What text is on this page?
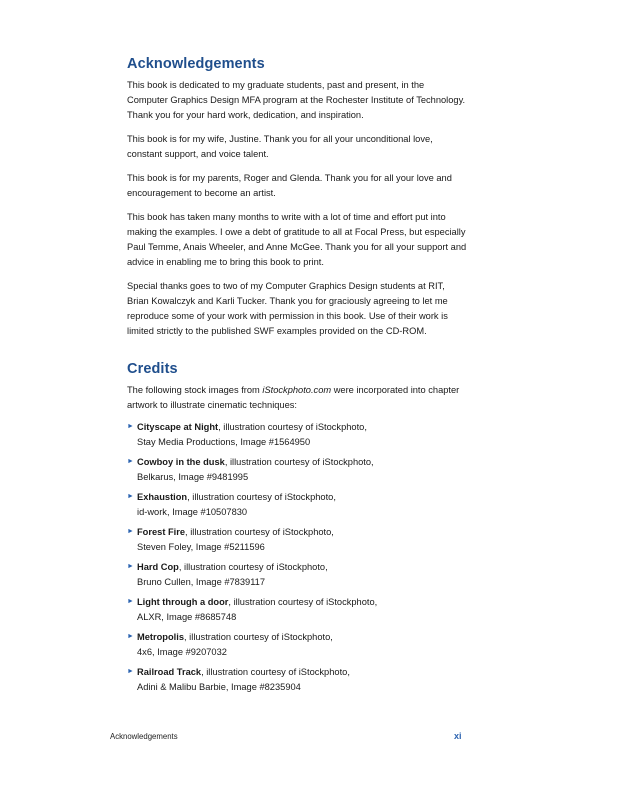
Acknowledgements

This book is dedicated to my graduate students, past and present, in the Computer Graphics Design MFA program at the Rochester Institute of Technology. Thank you for your hard work, dedication, and inspiration.

This book is for my wife, Justine. Thank you for all your unconditional love, constant support, and voice talent.

This book is for my parents, Roger and Glenda. Thank you for all your love and encouragement to become an artist.

This book has taken many months to write with a lot of time and effort put into making the examples. I owe a debt of gratitude to all at Focal Press, but especially Paul Temme, Anais Wheeler, and Anne McGee. Thank you for all your support and advice in enabling me to bring this book to print.

Special thanks goes to two of my Computer Graphics Design students at RIT, Brian Kowalczyk and Karli Tucker. Thank you for graciously agreeing to let me reproduce some of your work with permission in this book. Use of their work is limited strictly to the published SWF examples provided on the CD-ROM.

Credits

The following stock images from iStockphoto.com were incorporated into chapter artwork to illustrate cinematic techniques:

► Cityscape at Night, illustration courtesy of iStockphoto,
Stay Media Productions, Image #1564950
► Cowboy in the dusk, illustration courtesy of iStockphoto,
Belkarus, Image #9481995
► Exhaustion, illustration courtesy of iStockphoto,
id-work, Image #10507830
► Forest Fire, illustration courtesy of iStockphoto,
Steven Foley, Image #5211596
► Hard Cop, illustration courtesy of iStockphoto,
Bruno Cullen, Image #7839117
► Light through a door, illustration courtesy of iStockphoto,
ALXR, Image #8685748
► Metropolis, illustration courtesy of iStockphoto,
4x6, Image #9207032
► Railroad Track, illustration courtesy of iStockphoto,
Adini & Malibu Barbie, Image #8235904
Acknowledgements	xi
